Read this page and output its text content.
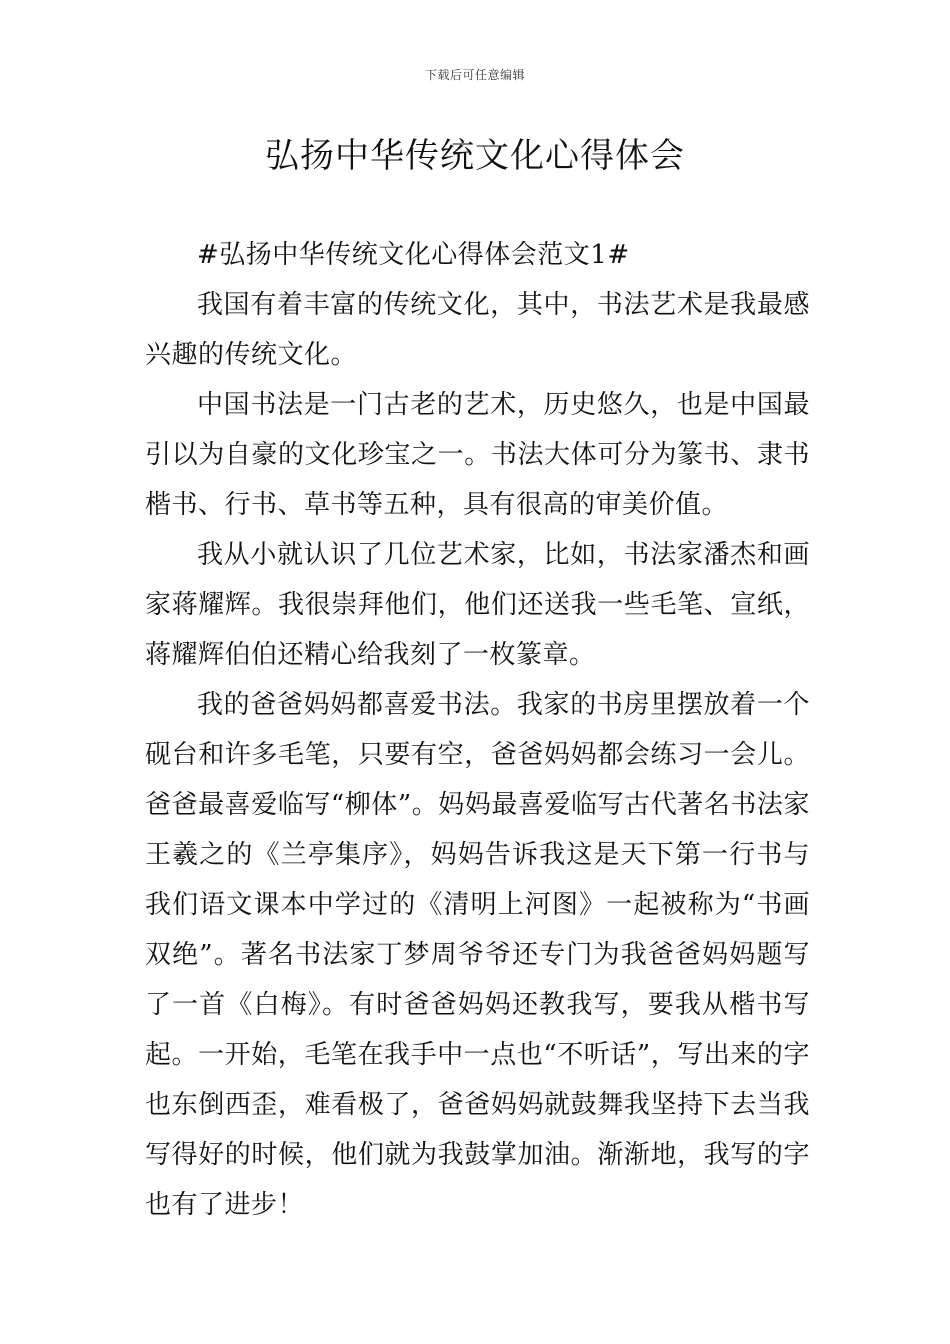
下载后可任意编辑
弘扬中华传统文化心得体会

#弘扬中华传统文化心得体会范文1#

我国有着丰富的传统文化，其中，书法艺术是我最感兴趣的传统文化。

中国书法是一门古老的艺术，历史悠久，也是中国最引以为自豪的文化珍宝之一。书法大体可分为篆书、隶书楷书、行书、草书等五种，具有很高的审美价值。

我从小就认识了几位艺术家，比如，书法家潘杰和画家蒋耀辉。我很崇拜他们，他们还送我一些毛笔、宣纸，蒋耀辉伯伯还精心给我刻了一枚篆章。

我的爸爸妈妈都喜爱书法。我家的书房里摆放着一个砚台和许多毛笔，只要有空，爸爸妈妈都会练习一会儿。爸爸最喜爱临写“柳体”。妈妈最喜爱临写古代著名书法家王羲之的《兰亭集序》，妈妈告诉我这是天下第一行书与我们语文课本中学过的《清明上河图》一起被称为“书画双绝”。著名书法家丁梦周爷爷还专门为我爸爸妈妈题写了一首《白梅》。有时爸爸妈妈还教我写，要我从楷书写起。一开始，毛笔在我手中一点也“不听话”，写出来的字也东倒西歪，难看极了，爸爸妈妈就鼓舞我坚持下去当我写得好的时候，他们就为我鼓掌加油。渐渐地，我写的字也有了进步！
